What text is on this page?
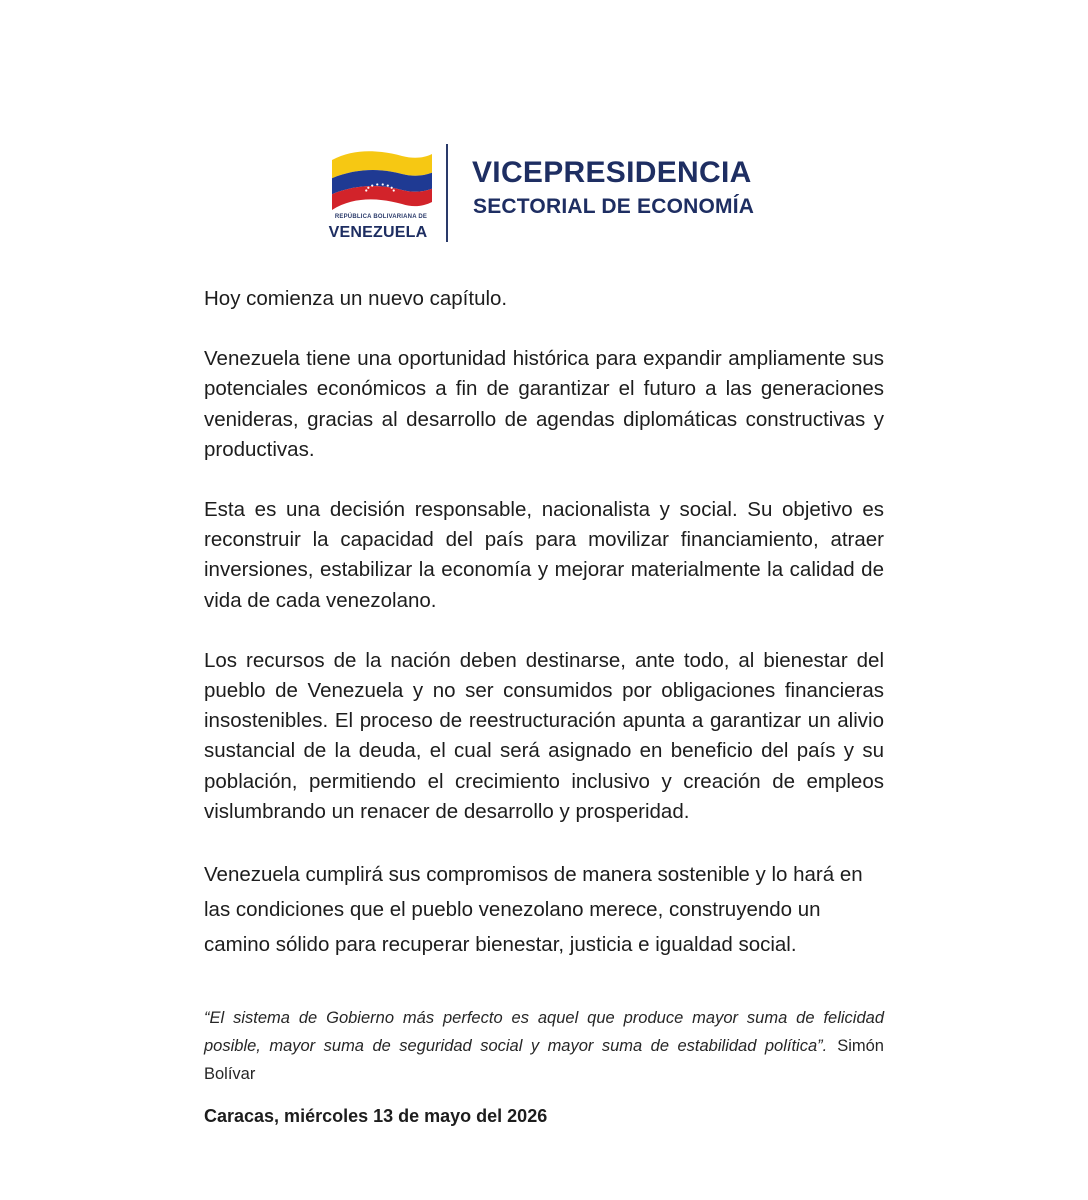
REPÚBLICA BOLIVARIANA DE
VENEZUELA
VICEPRESIDENCIA
SECTORIAL DE ECONOMÍA

Hoy comienza un nuevo capítulo.

Venezuela tiene una oportunidad histórica para expandir ampliamente sus potenciales económicos a fin de garantizar el futuro a las generaciones venideras, gracias al desarrollo de agendas diplomáticas constructivas y productivas.

Esta es una decisión responsable, nacionalista y social. Su objetivo es reconstruir la capacidad del país para movilizar financiamiento, atraer inversiones, estabilizar la economía y mejorar materialmente la calidad de vida de cada venezolano.

Los recursos de la nación deben destinarse, ante todo, al bienestar del pueblo de Venezuela y no ser consumidos por obligaciones financieras insostenibles. El proceso de reestructuración apunta a garantizar un alivio sustancial de la deuda, el cual será asignado en beneficio del país y su población, permitiendo el crecimiento inclusivo y creación de empleos vislumbrando un renacer de desarrollo y prosperidad.

Venezuela cumplirá sus compromisos de manera sostenible y lo hará en las condiciones que el pueblo venezolano merece, construyendo un camino sólido para recuperar bienestar, justicia e igualdad social.

“El sistema de Gobierno más perfecto es aquel que produce mayor suma de felicidad posible, mayor suma de seguridad social y mayor suma de estabilidad política”. Simón Bolívar
Caracas, miércoles 13 de mayo del 2026
